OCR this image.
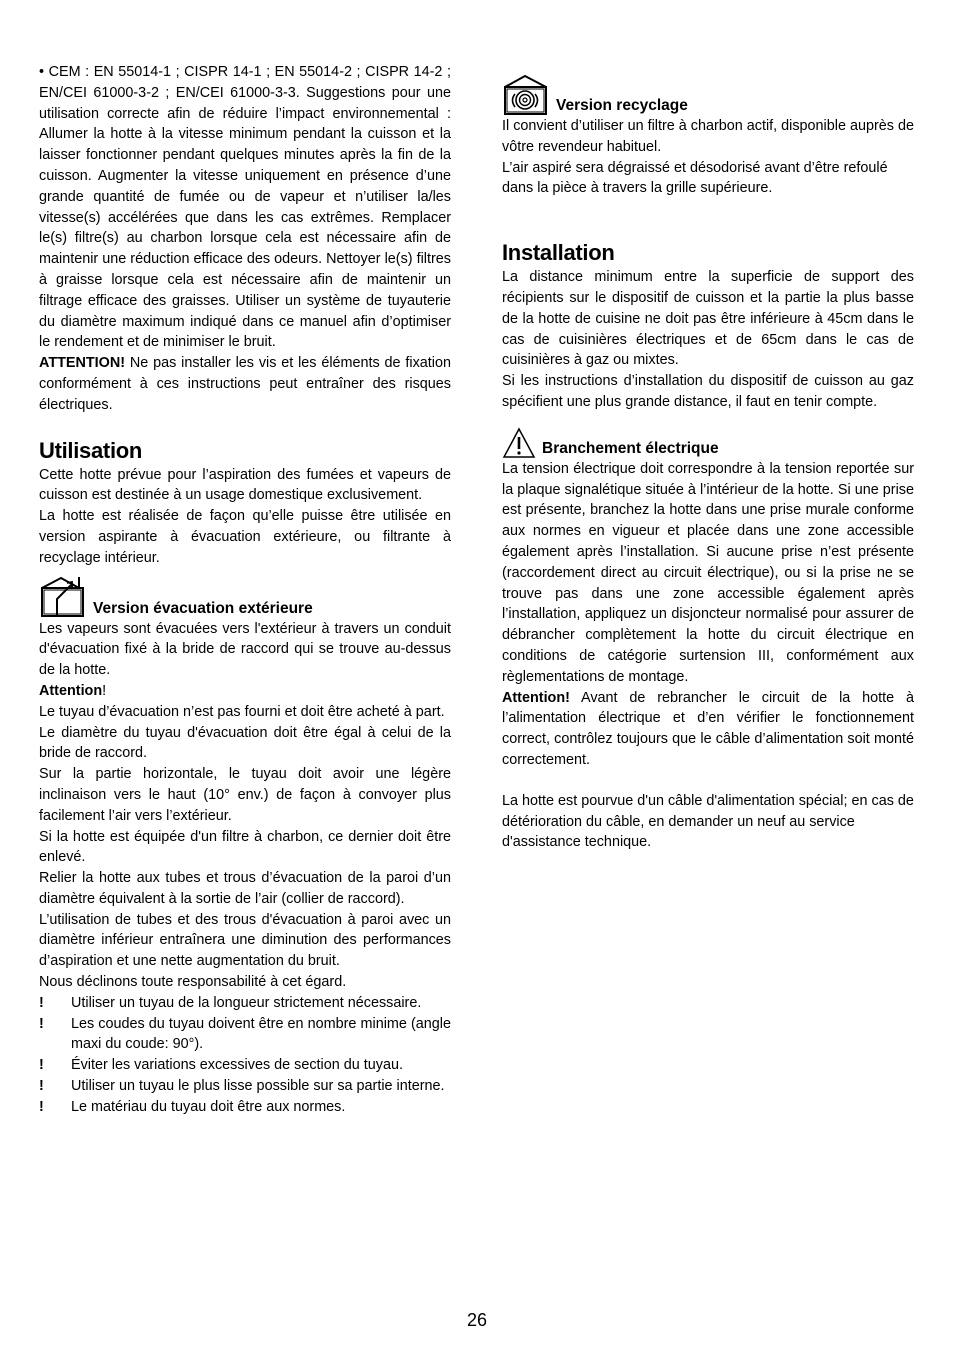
• CEM : EN 55014-1 ; CISPR 14-1 ; EN 55014-2 ; CISPR 14-2 ; EN/CEI 61000-3-2 ; EN/CEI 61000-3-3. Suggestions pour une utilisation correcte afin de réduire l’impact environnemental : Allumer la hotte à la vitesse minimum pendant la cuisson et la laisser fonctionner pendant quelques minutes après la fin de la cuisson. Augmenter la vitesse uniquement en présence d’une grande quantité de fumée ou de vapeur et n’utiliser la/les vitesse(s) accélérées que dans les cas extrêmes. Remplacer le(s) filtre(s) au charbon lorsque cela est nécessaire afin de maintenir une réduction efficace des odeurs. Nettoyer le(s) filtres à graisse lorsque cela est nécessaire afin de maintenir un filtrage efficace des graisses. Utiliser un système de tuyauterie du diamètre maximum indiqué dans ce manuel afin d’optimiser le rendement et de minimiser le bruit.

ATTENTION! Ne pas installer les vis et les éléments de fixation conformément à ces instructions peut entraîner des risques électriques.

Utilisation

Cette hotte prévue pour l’aspiration des fumées et vapeurs de cuisson est destinée à un usage domestique exclusivement.

La hotte est réalisée de façon qu’elle puisse être utilisée en version aspirante à évacuation extérieure, ou filtrante à recyclage intérieur.

Version évacuation extérieure

Les vapeurs sont évacuées vers l'extérieur à travers un conduit d'évacuation fixé à la bride de raccord qui se trouve au-dessus de la hotte.

Attention!

Le tuyau d’évacuation n’est pas fourni et doit être acheté à part.

Le diamètre du tuyau d'évacuation doit être égal à celui de la bride de raccord.

Sur la partie horizontale, le tuyau doit avoir une légère inclinaison vers le haut (10° env.) de façon à convoyer plus facilement l’air vers l’extérieur.

Si la hotte est équipée d'un filtre à charbon, ce dernier doit être enlevé.

Relier la hotte aux tubes et trous d’évacuation de la paroi d’un diamètre équivalent à la sortie de l’air (collier de raccord).

L’utilisation de tubes et des trous d'évacuation à paroi avec un diamètre inférieur entraînera une diminution des performances d’aspiration et une nette augmentation du bruit.

Nous déclinons toute responsabilité à cet égard.

!	Utiliser un tuyau de la longueur strictement nécessaire.
!	Les coudes du tuyau doivent être en nombre minime (angle maxi du coude: 90°).
!	Éviter les variations excessives de section du tuyau.
!	Utiliser un tuyau le plus lisse possible sur sa partie interne.
!	Le matériau du tuyau doit être aux normes.
Version recyclage

Il convient d’utiliser un filtre à charbon actif, disponible auprès de vôtre revendeur habituel.

L’air aspiré sera dégraissé et désodorisé avant d’être refoulé dans la pièce à travers la grille supérieure.

Installation

La distance minimum entre la superficie de support des récipients sur le dispositif de cuisson et la partie la plus basse de la hotte de cuisine ne doit pas être inférieure à 45cm dans le cas de cuisinières électriques et de 65cm dans le cas de cuisinières à gaz ou mixtes.

Si les instructions d’installation du dispositif de cuisson au gaz spécifient une plus grande distance, il faut en tenir compte.

Branchement électrique

La tension électrique doit correspondre à la tension reportée sur la plaque signalétique située à l’intérieur de la hotte. Si une prise est présente, branchez la hotte dans une prise murale conforme aux normes en vigueur et placée dans une zone accessible également après l’installation. Si aucune prise n’est présente (raccordement direct au circuit électrique), ou si la prise ne se trouve pas dans une zone accessible également après l’installation, appliquez un disjoncteur normalisé pour assurer de débrancher complètement la hotte du circuit électrique en conditions de catégorie surtension III, conformément aux règlementations de montage.

Attention! Avant de rebrancher le circuit de la hotte à l’alimentation électrique et d’en vérifier le fonctionnement correct, contrôlez toujours que le câble d’alimentation soit monté correctement.

La hotte est pourvue d'un câble d'alimentation spécial; en cas de détérioration du câble, en demander un neuf au service d'assistance technique.

26
